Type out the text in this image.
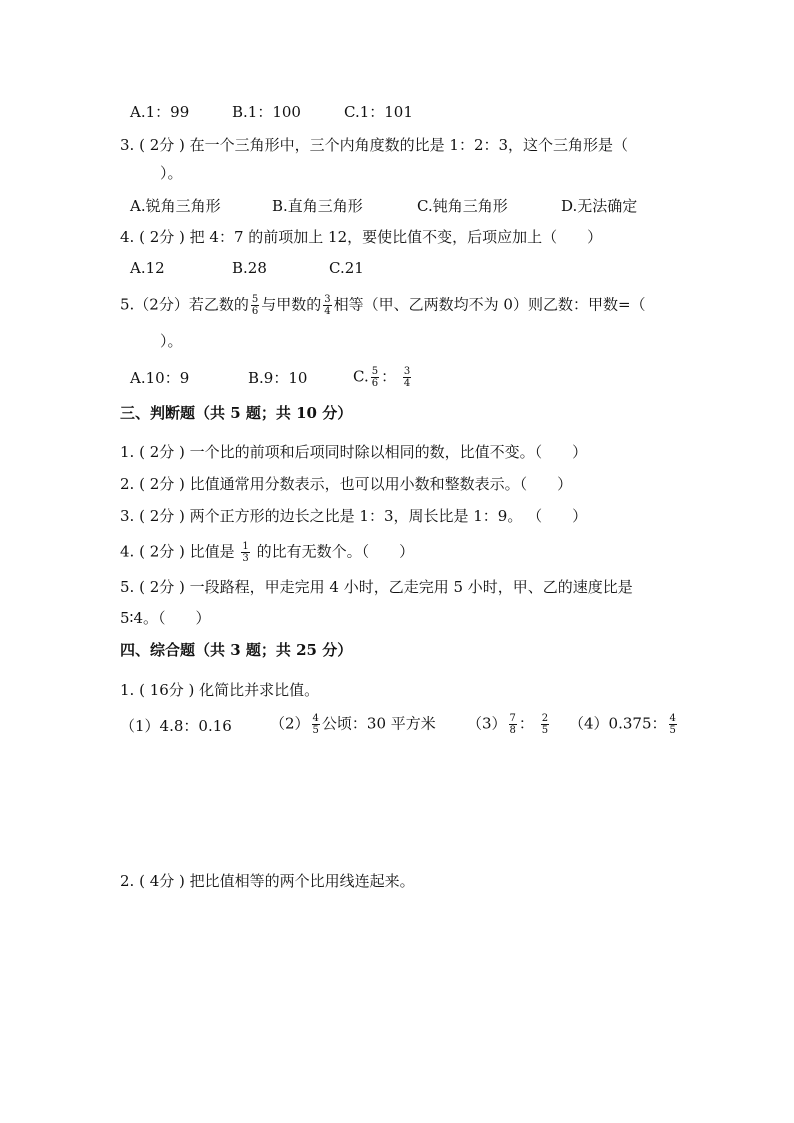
A.1：99	B.1：100	C.1：101
3. ( 2分 ) 在一个三角形中，三个内角度数的比是 1：2：3，这个三角形是（
）。
A.锐角三角形	B.直角三角形	C.钝角三角形	D.无法确定
4. ( 2分 ) 把 4：7 的前项加上 12，要使比值不变，后项应加上（　　）
A.12	B.28	C.21
5.（2分）若乙数的 $\frac{5}{6}$ 与甲数的 $\frac{3}{4}$ 相等（甲、乙两数均不为 0）则乙数：甲数=（
）。
A.10：9	B.9：10	C. $\frac{5}{6}$ ： $\frac{3}{4}$
三、判断题（共 5 题；共 10 分）
1. ( 2分 ) 一个比的前项和后项同时除以相同的数，比值不变。（　　）
2. ( 2分 ) 比值通常用分数表示，也可以用小数和整数表示。（　　）
3. ( 2分 ) 两个正方形的边长之比是 1：3，周长比是 1：9。 （　　）
4. ( 2分 ) 比值是 $\frac{1}{3}$ 的比有无数个。（　　）
5. ( 2分 ) 一段路程，甲走完用 4 小时，乙走完用 5 小时，甲、乙的速度比是
5∶4。（　　）
四、综合题（共 3 题；共 25 分）
1. ( 16分 ) 化简比并求比值。
（1）4.8：0.16	$(2) \frac{4}{5}$ 公顷：30 平方米 $(3) \frac{7}{8}$ ： $\frac{2}{5} (4)0.375$： $\frac{4}{5}$
2. ( 4分 ) 把比值相等的两个比用线连起来。
